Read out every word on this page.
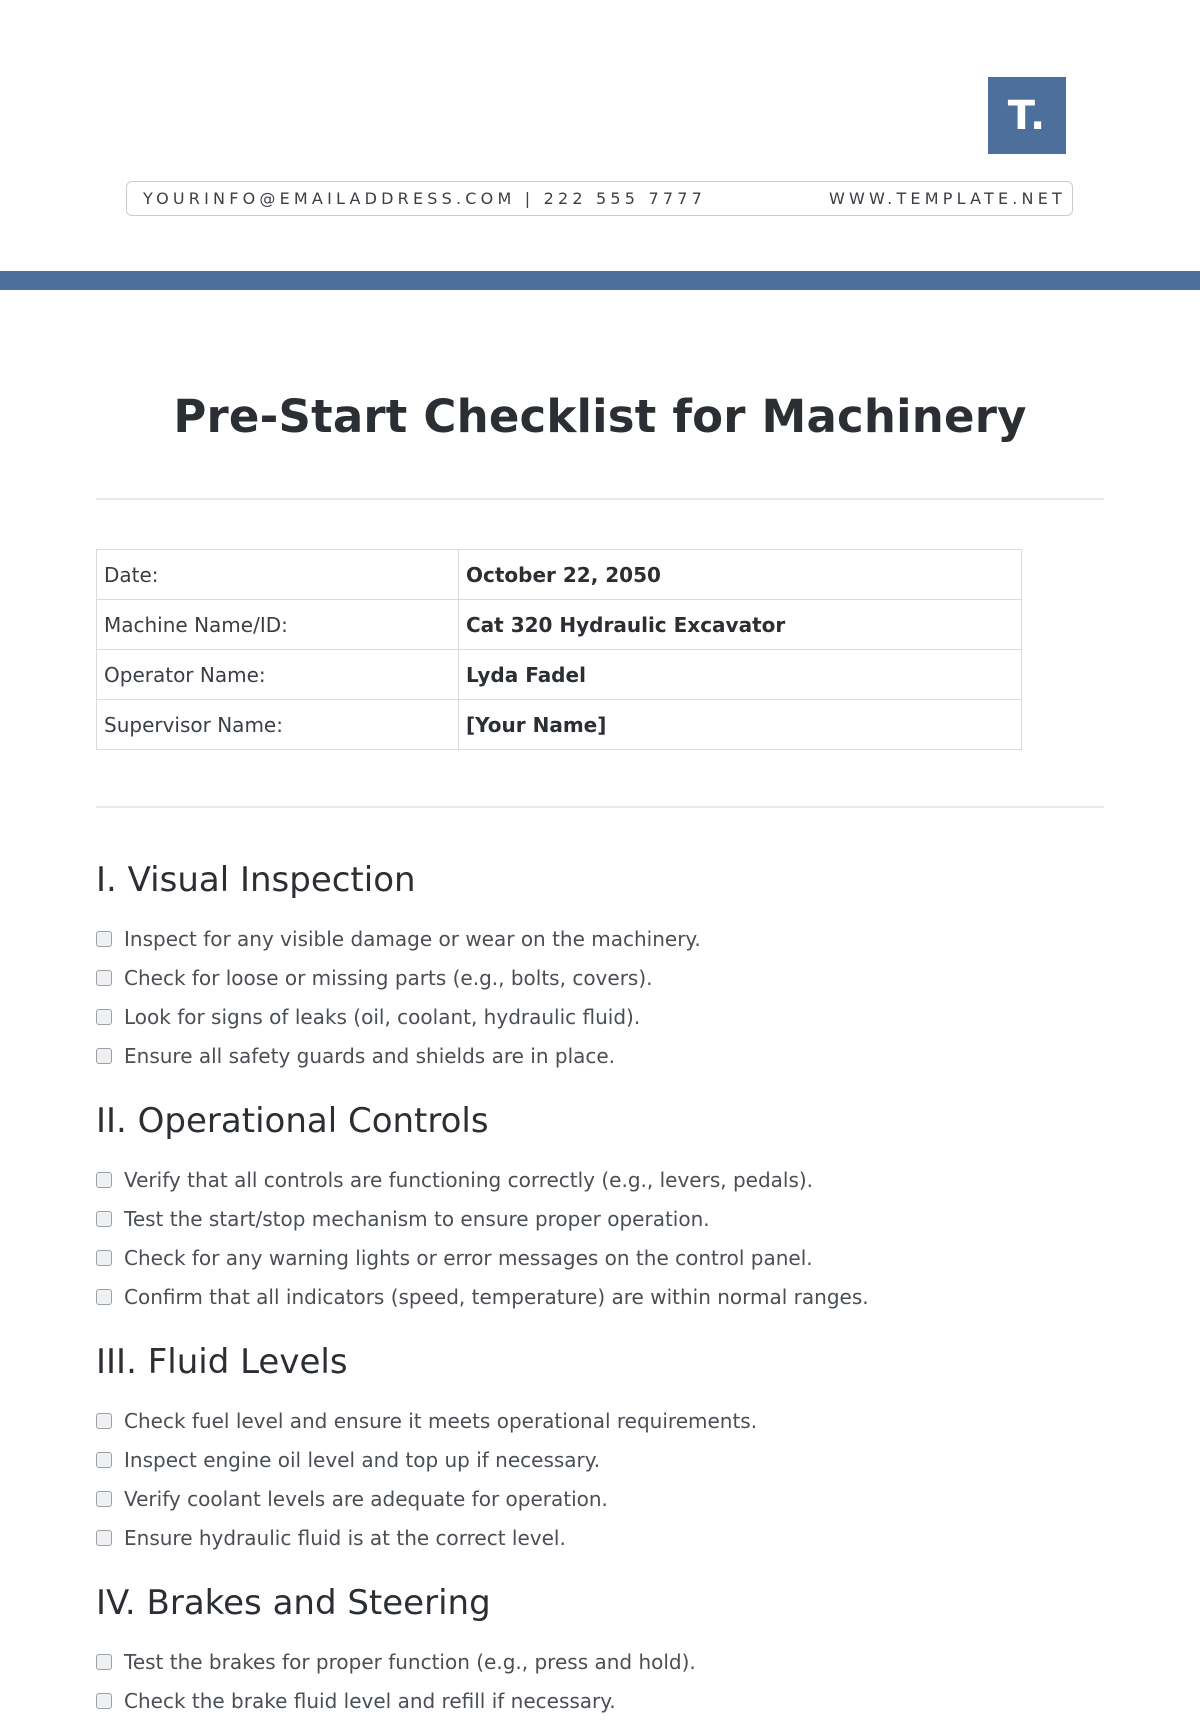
T.
YOURINFO@EMAILADDRESS.COM | 222 555 7777	WWW.TEMPLATE.NET
Pre-Start Checklist for Machinery
Date:	October 22, 2050
Machine Name/ID:	Cat 320 Hydraulic Excavator
Operator Name:	Lyda Fadel
Supervisor Name:	[Your Name]
I. Visual Inspection
Inspect for any visible damage or wear on the machinery.
Check for loose or missing parts (e.g., bolts, covers).
Look for signs of leaks (oil, coolant, hydraulic fluid).
Ensure all safety guards and shields are in place.
II. Operational Controls
Verify that all controls are functioning correctly (e.g., levers, pedals).
Test the start/stop mechanism to ensure proper operation.
Check for any warning lights or error messages on the control panel.
Confirm that all indicators (speed, temperature) are within normal ranges.
III. Fluid Levels
Check fuel level and ensure it meets operational requirements.
Inspect engine oil level and top up if necessary.
Verify coolant levels are adequate for operation.
Ensure hydraulic fluid is at the correct level.
IV. Brakes and Steering
Test the brakes for proper function (e.g., press and hold).
Check the brake fluid level and refill if necessary.
